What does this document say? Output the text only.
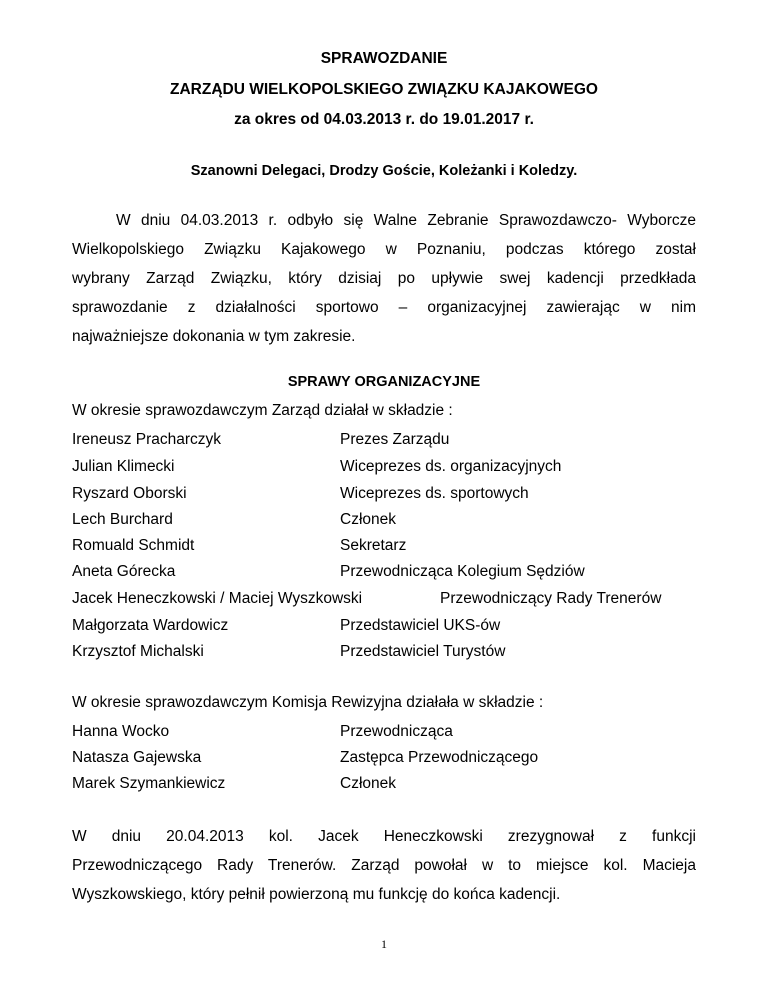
SPRAWOZDANIE
ZARZĄDU WIELKOPOLSKIEGO ZWIĄZKU KAJAKOWEGO
za okres od 04.03.2013 r. do 19.01.2017 r.
Szanowni Delegaci, Drodzy Goście, Koleżanki i Koledzy.
W dniu 04.03.2013 r. odbyło się Walne Zebranie Sprawozdawczo- Wyborcze
Wielkopolskiego Związku Kajakowego w Poznaniu, podczas którego został
wybrany Zarząd Związku, który dzisiaj po upływie swej kadencji przedkłada
sprawozdanie z działalności sportowo – organizacyjnej zawierając w nim
najważniejsze dokonania w tym zakresie.
SPRAWY ORGANIZACYJNE
W okresie sprawozdawczym Zarząd działał w składzie :
Ireneusz Pracharczyk	Prezes Zarządu
Julian Klimecki	Wiceprezes ds. organizacyjnych
Ryszard Oborski	Wiceprezes ds. sportowych
Lech Burchard	Członek
Romuald Schmidt	Sekretarz
Aneta Górecka	Przewodnicząca Kolegium Sędziów
Jacek Heneczkowski / Maciej Wyszkowski	Przewodniczący Rady Trenerów
Małgorzata Wardowicz	Przedstawiciel UKS-ów
Krzysztof Michalski	Przedstawiciel Turystów
W okresie sprawozdawczym Komisja Rewizyjna działała w składzie :
Hanna Wocko	Przewodnicząca
Natasza Gajewska	Zastępca Przewodniczącego
Marek Szymankiewicz	Członek
W dniu 20.04.2013 kol. Jacek Heneczkowski zrezygnował z funkcji
Przewodniczącego Rady Trenerów. Zarząd powołał w to miejsce kol. Macieja
Wyszkowskiego, który pełnił powierzoną mu funkcję do końca kadencji.
1
